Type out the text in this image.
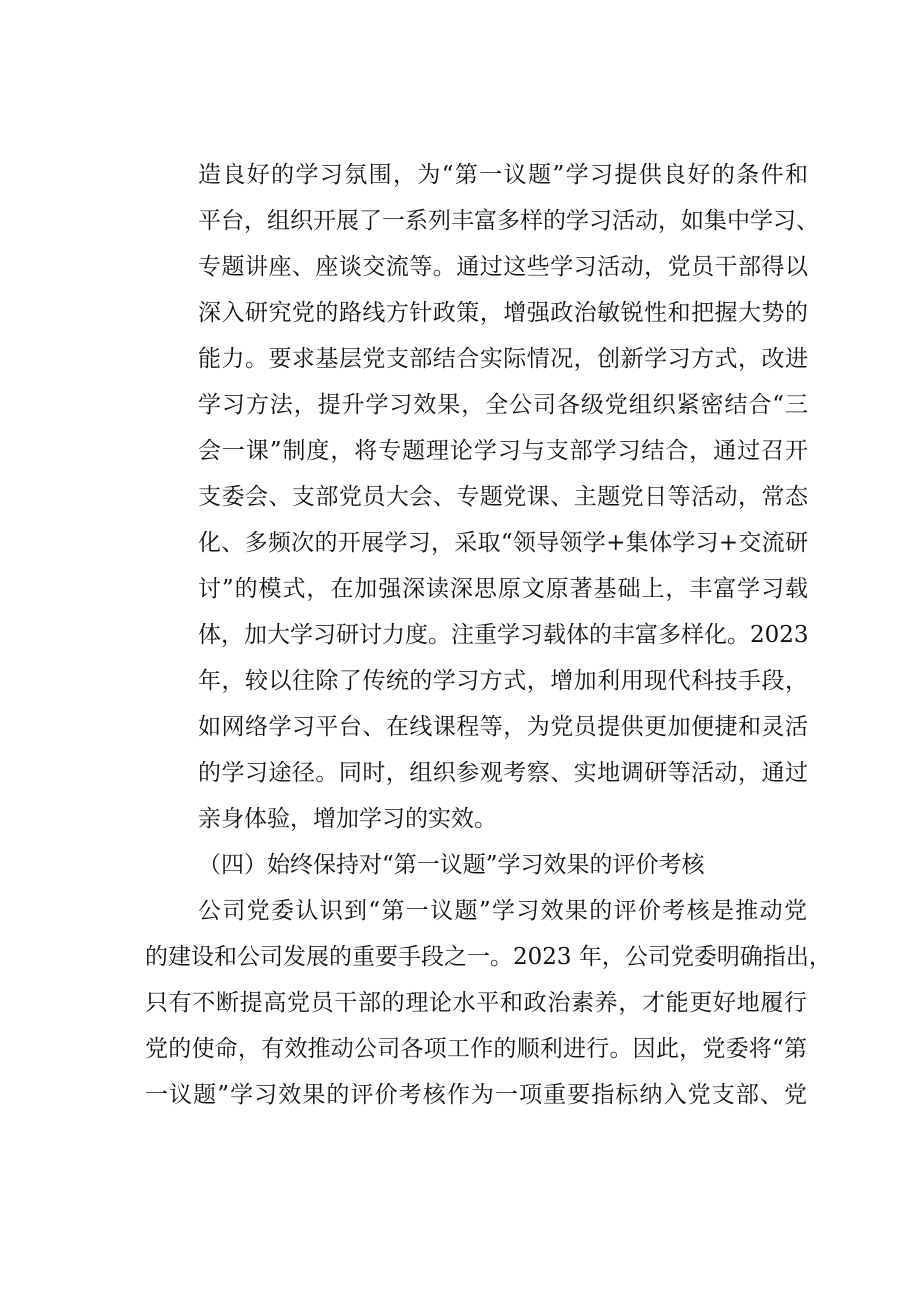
造良好的学习氛围，为“第一议题”学习提供良好的条件和
平台，组织开展了一系列丰富多样的学习活动，如集中学习、
专题讲座、座谈交流等。通过这些学习活动，党员干部得以
深入研究党的路线方针政策，增强政治敏锐性和把握大势的
能力。要求基层党支部结合实际情况，创新学习方式，改进
学习方法，提升学习效果，全公司各级党组织紧密结合“三
会一课”制度，将专题理论学习与支部学习结合，通过召开
支委会、支部党员大会、专题党课、主题党日等活动，常态
化、多频次的开展学习，采取“领导领学+集体学习+交流研
讨”的模式，在加强深读深思原文原著基础上，丰富学习载
体，加大学习研讨力度。注重学习载体的丰富多样化。2023
年，较以往除了传统的学习方式，增加利用现代科技手段，
如网络学习平台、在线课程等，为党员提供更加便捷和灵活
的学习途径。同时，组织参观考察、实地调研等活动，通过
亲身体验，增加学习的实效。
（四）始终保持对“第一议题”学习效果的评价考核
公司党委认识到“第一议题”学习效果的评价考核是推动党
的建设和公司发展的重要手段之一。2023 年，公司党委明确指出，
只有不断提高党员干部的理论水平和政治素养，才能更好地履行
党的使命，有效推动公司各项工作的顺利进行。因此，党委将“第
一议题”学习效果的评价考核作为一项重要指标纳入党支部、党
